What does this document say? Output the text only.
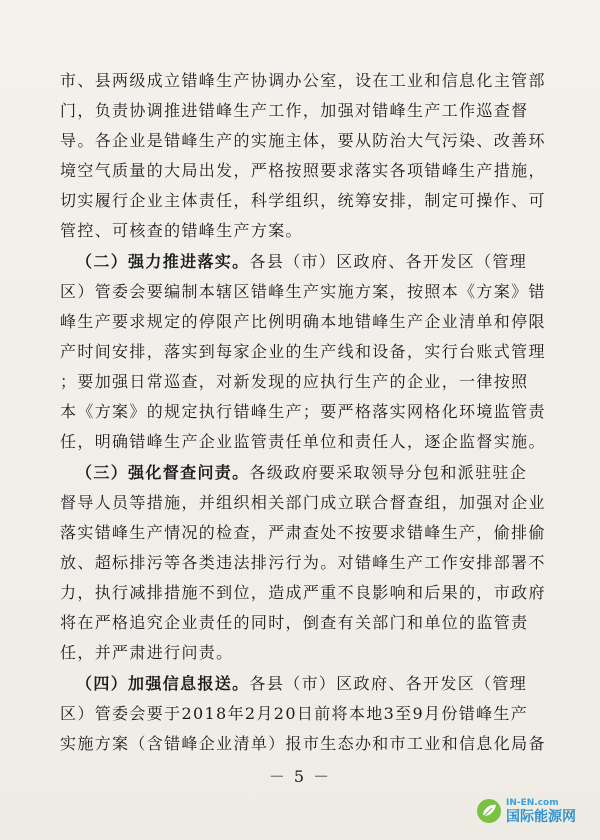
市、县两级成立错峰生产协调办公室，设在工业和信息化主管部
门，负责协调推进错峰生产工作，加强对错峰生产工作巡查督
导。各企业是错峰生产的实施主体，要从防治大气污染、改善环
境空气质量的大局出发，严格按照要求落实各项错峰生产措施，
切实履行企业主体责任，科学组织，统筹安排，制定可操作、可
管控、可核查的错峰生产方案。
（二）强力推进落实。各县（市）区政府、各开发区（管理
区）管委会要编制本辖区错峰生产实施方案，按照本《方案》错
峰生产要求规定的停限产比例明确本地错峰生产企业清单和停限
产时间安排，落实到每家企业的生产线和设备，实行台账式管理
；要加强日常巡查，对新发现的应执行生产的企业，一律按照
本《方案》的规定执行错峰生产；要严格落实网格化环境监管责
任，明确错峰生产企业监管责任单位和责任人，逐企监督实施。
（三）强化督查问责。各级政府要采取领导分包和派驻驻企
督导人员等措施，并组织相关部门成立联合督查组，加强对企业
落实错峰生产情况的检查，严肃查处不按要求错峰生产，偷排偷
放、超标排污等各类违法排污行为。对错峰生产工作安排部署不
力，执行减排措施不到位，造成严重不良影响和后果的，市政府
将在严格追究企业责任的同时，倒查有关部门和单位的监管责
任，并严肃进行问责。
（四）加强信息报送。各县（市）区政府、各开发区（管理
区）管委会要于2018年2月20日前将本地3至9月份错峰生产
实施方案（含错峰企业清单）报市生态办和市工业和信息化局备
－ 5 －
IN-EN.com
国际能源网
